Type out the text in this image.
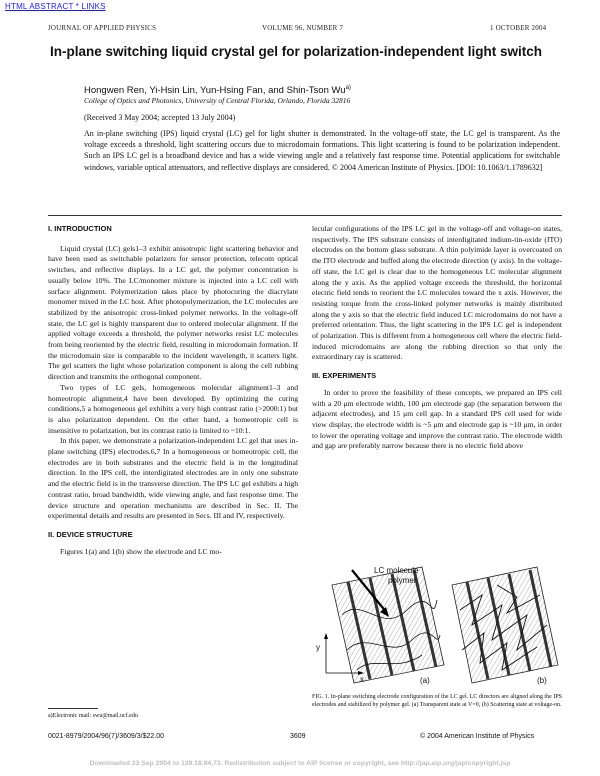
HTML ABSTRACT * LINKS
JOURNAL OF APPLIED PHYSICS	VOLUME 96, NUMBER 7	1 OCTOBER 2004
In-plane switching liquid crystal gel for polarization-independent light switch
Hongwen Ren, Yi-Hsin Lin, Yun-Hsing Fan, and Shin-Tson Wu$^{a)}$
College of Optics and Photonics, University of Central Florida, Orlando, Florida 32816
(Received 3 May 2004; accepted 13 July 2004)
An in-plane switching (IPS) liquid crystal (LC) gel for light shutter is demonstrated. In the voltage-off state, the LC gel is transparent. As the voltage exceeds a threshold, light scattering occurs due to microdomain formations. This light scattering is found to be polarization independent. Such an IPS LC gel is a broadband device and has a wide viewing angle and a relatively fast response time. Potential applications for switchable windows, variable optical attenuators, and reflective displays are considered. © 2004 American Institute of Physics. [DOI: 10.1063/1.1789632]
I. INTRODUCTION

Liquid crystal (LC) gels1–3 exhibit anisotropic light scattering behavior and have been used as switchable polarizers for sensor protection, telecom optical switches, and reflective displays. In a LC gel, the polymer concentration is usually below 10%. The LC/monomer mixture is injected into a LC cell with surface alignment. Polymerization takes place by photocuring the diacrylate monomer mixed in the LC host. After photopolymerization, the LC molecules are stabilized by the anisotropic cross-linked polymer networks. In the voltage-off state, the LC gel is highly transparent due to ordered molecular alignment. If the applied voltage exceeds a threshold, the polymer networks resist LC molecules from being reoriented by the electric field, resulting in microdomain formation. If the microdomain size is comparable to the incident wavelength, it scatters light. The gel scatters the light whose polarization component is along the cell rubbing direction and transmits the orthogonal component.

Two types of LC gels, homogeneous molecular alignment1–3 and homeotropic alignment,4 have been developed. By optimizing the curing conditions,5 a homogeneous gel exhibits a very high contrast ratio (>2000:1) but is also polarization dependent. On the other hand, a homeotropic cell is insensitive to polarization, but its contrast ratio is limited to ~10:1.

In this paper, we demonstrate a polarization-independent LC gel that uses in-plane switching (IPS) electrodes.6,7 In a homogeneous or homeotropic cell, the electrodes are in both substrates and the electric field is in the longitudinal direction. In the IPS cell, the interdigitated electrodes are in only one substrate and the electric field is in the transverse direction. The IPS LC gel exhibits a high contrast ratio, broad bandwidth, wide viewing angle, and fast response time. The device structure and operation mechanisms are described in Sec. II. The experimental details and results are presented in Secs. III and IV, respectively.

II. DEVICE STRUCTURE

Figures 1(a) and 1(b) show the electrode and LC mo-

lecular configurations of the IPS LC gel in the voltage-off and voltage-on states, respectively. The IPS substrate consists of interdigitated indium-tin-oxide (ITO) electrodes on the bottom glass substrate. A thin polyimide layer is overcoated on the ITO electrode and buffed along the electrode direction (y axis). In the voltage-off state, the LC gel is clear due to the homogeneous LC molecular alignment along the y axis. As the applied voltage exceeds the threshold, the horizontal electric field tends to reorient the LC molecules toward the x axis. However, the resisting torque from the cross-linked polymer networks is mainly distributed along the y axis so that the electric field induced LC microdomains do not have a preferred orientation. Thus, the light scattering in the IPS LC gel is independent of polarization. This is different from a homogeneous cell where the electric field-induced microdomains are along the rubbing direction so that only the extraordinary ray is scattered.

III. EXPERIMENTS

In order to prove the feasibility of these concepts, we prepared an IPS cell with a 20 μm electrode width, 100 μm electrode gap (the separation between the adjacent electrodes), and 15 μm cell gap. In a standard IPS cell used for wide view display, the electrode width is ~5 μm and electrode gap is ~10 μm, in order to lower the operating voltage and improve the contrast ratio. The electrode width and gap are preferably narrow because there is no electric field above

y
x
LC molecule
polymer
(a)	(b)
FIG. 1. In-plane switching electrode configuration of the LC gel. LC directors are aligned along the IPS electrodes and stabilized by polymer gel. (a) Transparent state at V=0, (b) Scattering state at voltage-on.
a)Electronic mail: swu@mail.ucf.edu
0021-8979/2004/96(7)/3609/3/$22.00	3609	© 2004 American Institute of Physics
Downloaded 23 Sep 2004 to 139.18.84.73. Redistribution subject to AIP license or copyright, see http://jap.aip.org/jap/copyright.jsp
